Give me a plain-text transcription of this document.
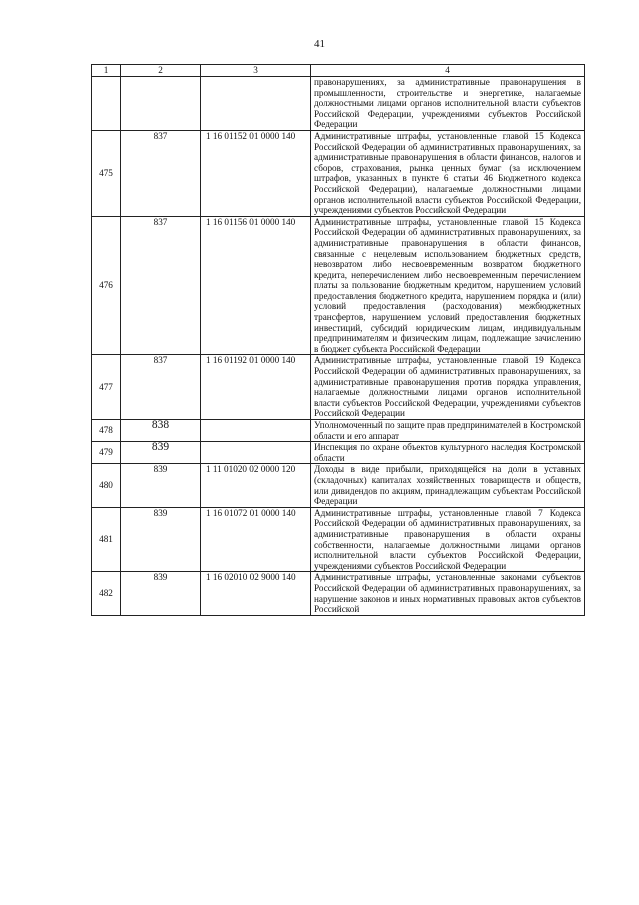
41
1	2	3	4
			правонарушениях, за административные правонарушения в промышленности, строительстве и энергетике, налагаемые должностными лицами органов исполнительной власти субъектов Российской Федерации, учреждениями субъектов Российской Федерации
475	837	1 16 01152 01 0000 140	Административные штрафы, установленные главой 15 Кодекса Российской Федерации об административных правонарушениях, за административные правонарушения в области финансов, налогов и сборов, страхования, рынка ценных бумаг (за исключением штрафов, указанных в пункте 6 статьи 46 Бюджетного кодекса Российской Федерации), налагаемые должностными лицами органов исполнительной власти субъектов Российской Федерации, учреждениями субъектов Российской Федерации
476	837	1 16 01156 01 0000 140	Административные штрафы, установленные главой 15 Кодекса Российской Федерации об административных правонарушениях, за административные правонарушения в области финансов, связанные с нецелевым использованием бюджетных средств, невозвратом либо несвоевременным возвратом бюджетного кредита, неперечислением либо несвоевременным перечислением платы за пользование бюджетным кредитом, нарушением условий предоставления бюджетного кредита, нарушением порядка и (или) условий предоставления (расходования) межбюджетных трансфертов, нарушением условий предоставления бюджетных инвестиций, субсидий юридическим лицам, индивидуальным предпринимателям и физическим лицам, подлежащие зачислению в бюджет субъекта Российской Федерации
477	837	1 16 01192 01 0000 140	Административные штрафы, установленные главой 19 Кодекса Российской Федерации об административных правонарушениях, за административные правонарушения против порядка управления, налагаемые должностными лицами органов исполнительной власти субъектов Российской Федерации, учреждениями субъектов Российской Федерации
478	838		Уполномоченный по защите прав предпринимателей в Костромской области и его аппарат
479	839		Инспекция по охране объектов культурного наследия Костромской области
480	839	1 11 01020 02 0000 120	Доходы в виде прибыли, приходящейся на доли в уставных (складочных) капиталах хозяйственных товариществ и обществ, или дивидендов по акциям, принадлежащим субъектам Российской Федерации
481	839	1 16 01072 01 0000 140	Административные штрафы, установленные главой 7 Кодекса Российской Федерации об административных правонарушениях, за административные правонарушения в области охраны собственности, налагаемые должностными лицами органов исполнительной власти субъектов Российской Федерации, учреждениями субъектов Российской Федерации
482	839	1 16 02010 02 9000 140	Административные штрафы, установленные законами субъектов Российской Федерации об административных правонарушениях, за нарушение законов и иных нормативных правовых актов субъектов Российской
